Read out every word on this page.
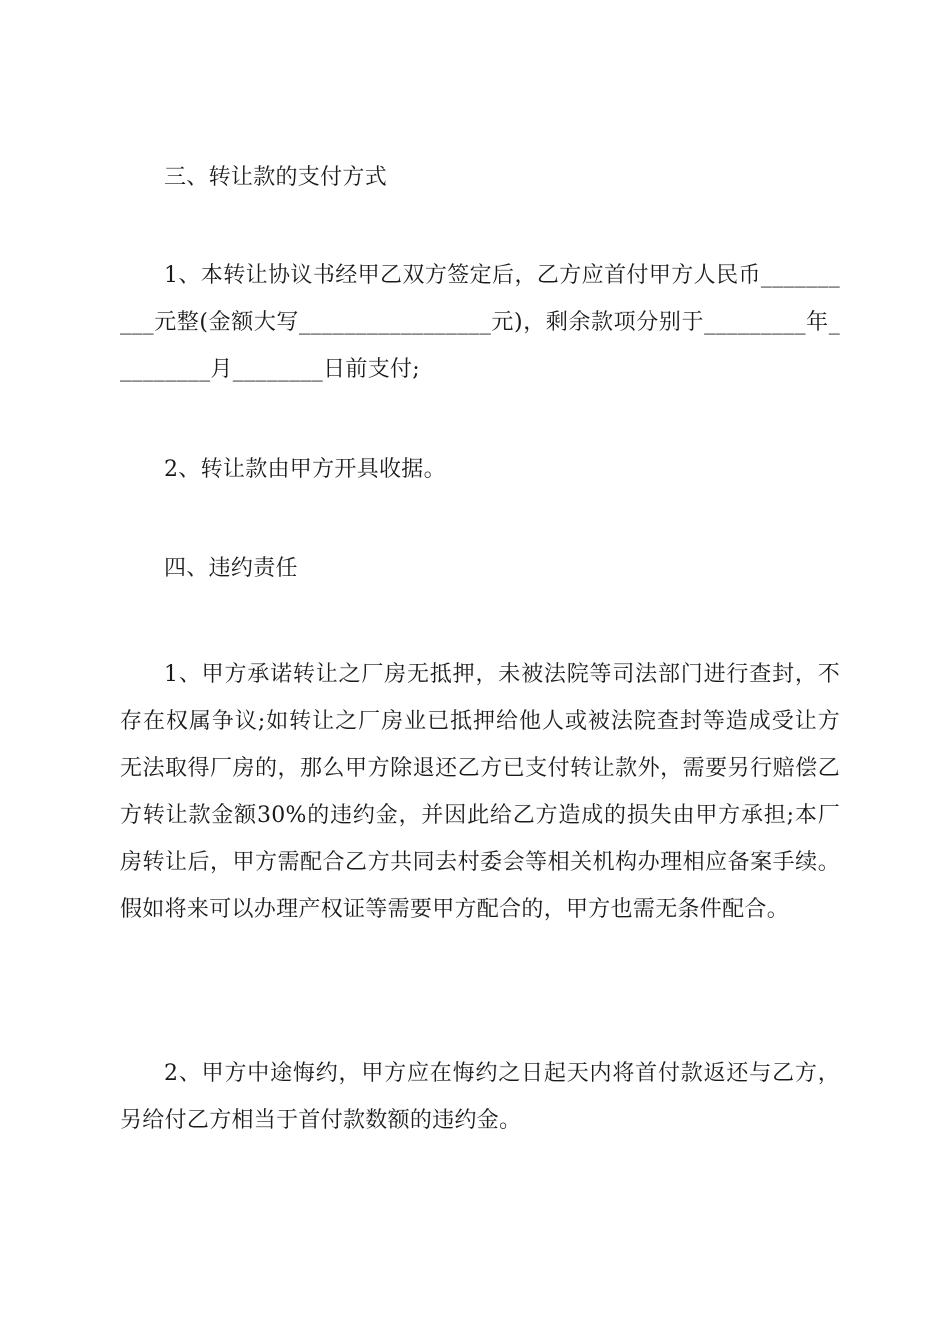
三、转让款的支付方式

1、本转让协议书经甲乙双方签定后，乙方应首付甲方人民币__________元整(金额大写_________________元)，剩余款项分别于_________年_________月________日前支付;

2、转让款由甲方开具收据。

四、违约责任

1、甲方承诺转让之厂房无抵押，未被法院等司法部门进行查封，不存在权属争议;如转让之厂房业已抵押给他人或被法院查封等造成受让方无法取得厂房的，那么甲方除退还乙方已支付转让款外，需要另行赔偿乙方转让款金额30%的违约金，并因此给乙方造成的损失由甲方承担;本厂房转让后，甲方需配合乙方共同去村委会等相关机构办理相应备案手续。假如将来可以办理产权证等需要甲方配合的，甲方也需无条件配合。

2、甲方中途悔约，甲方应在悔约之日起天内将首付款返还与乙方，另给付乙方相当于首付款数额的违约金。
